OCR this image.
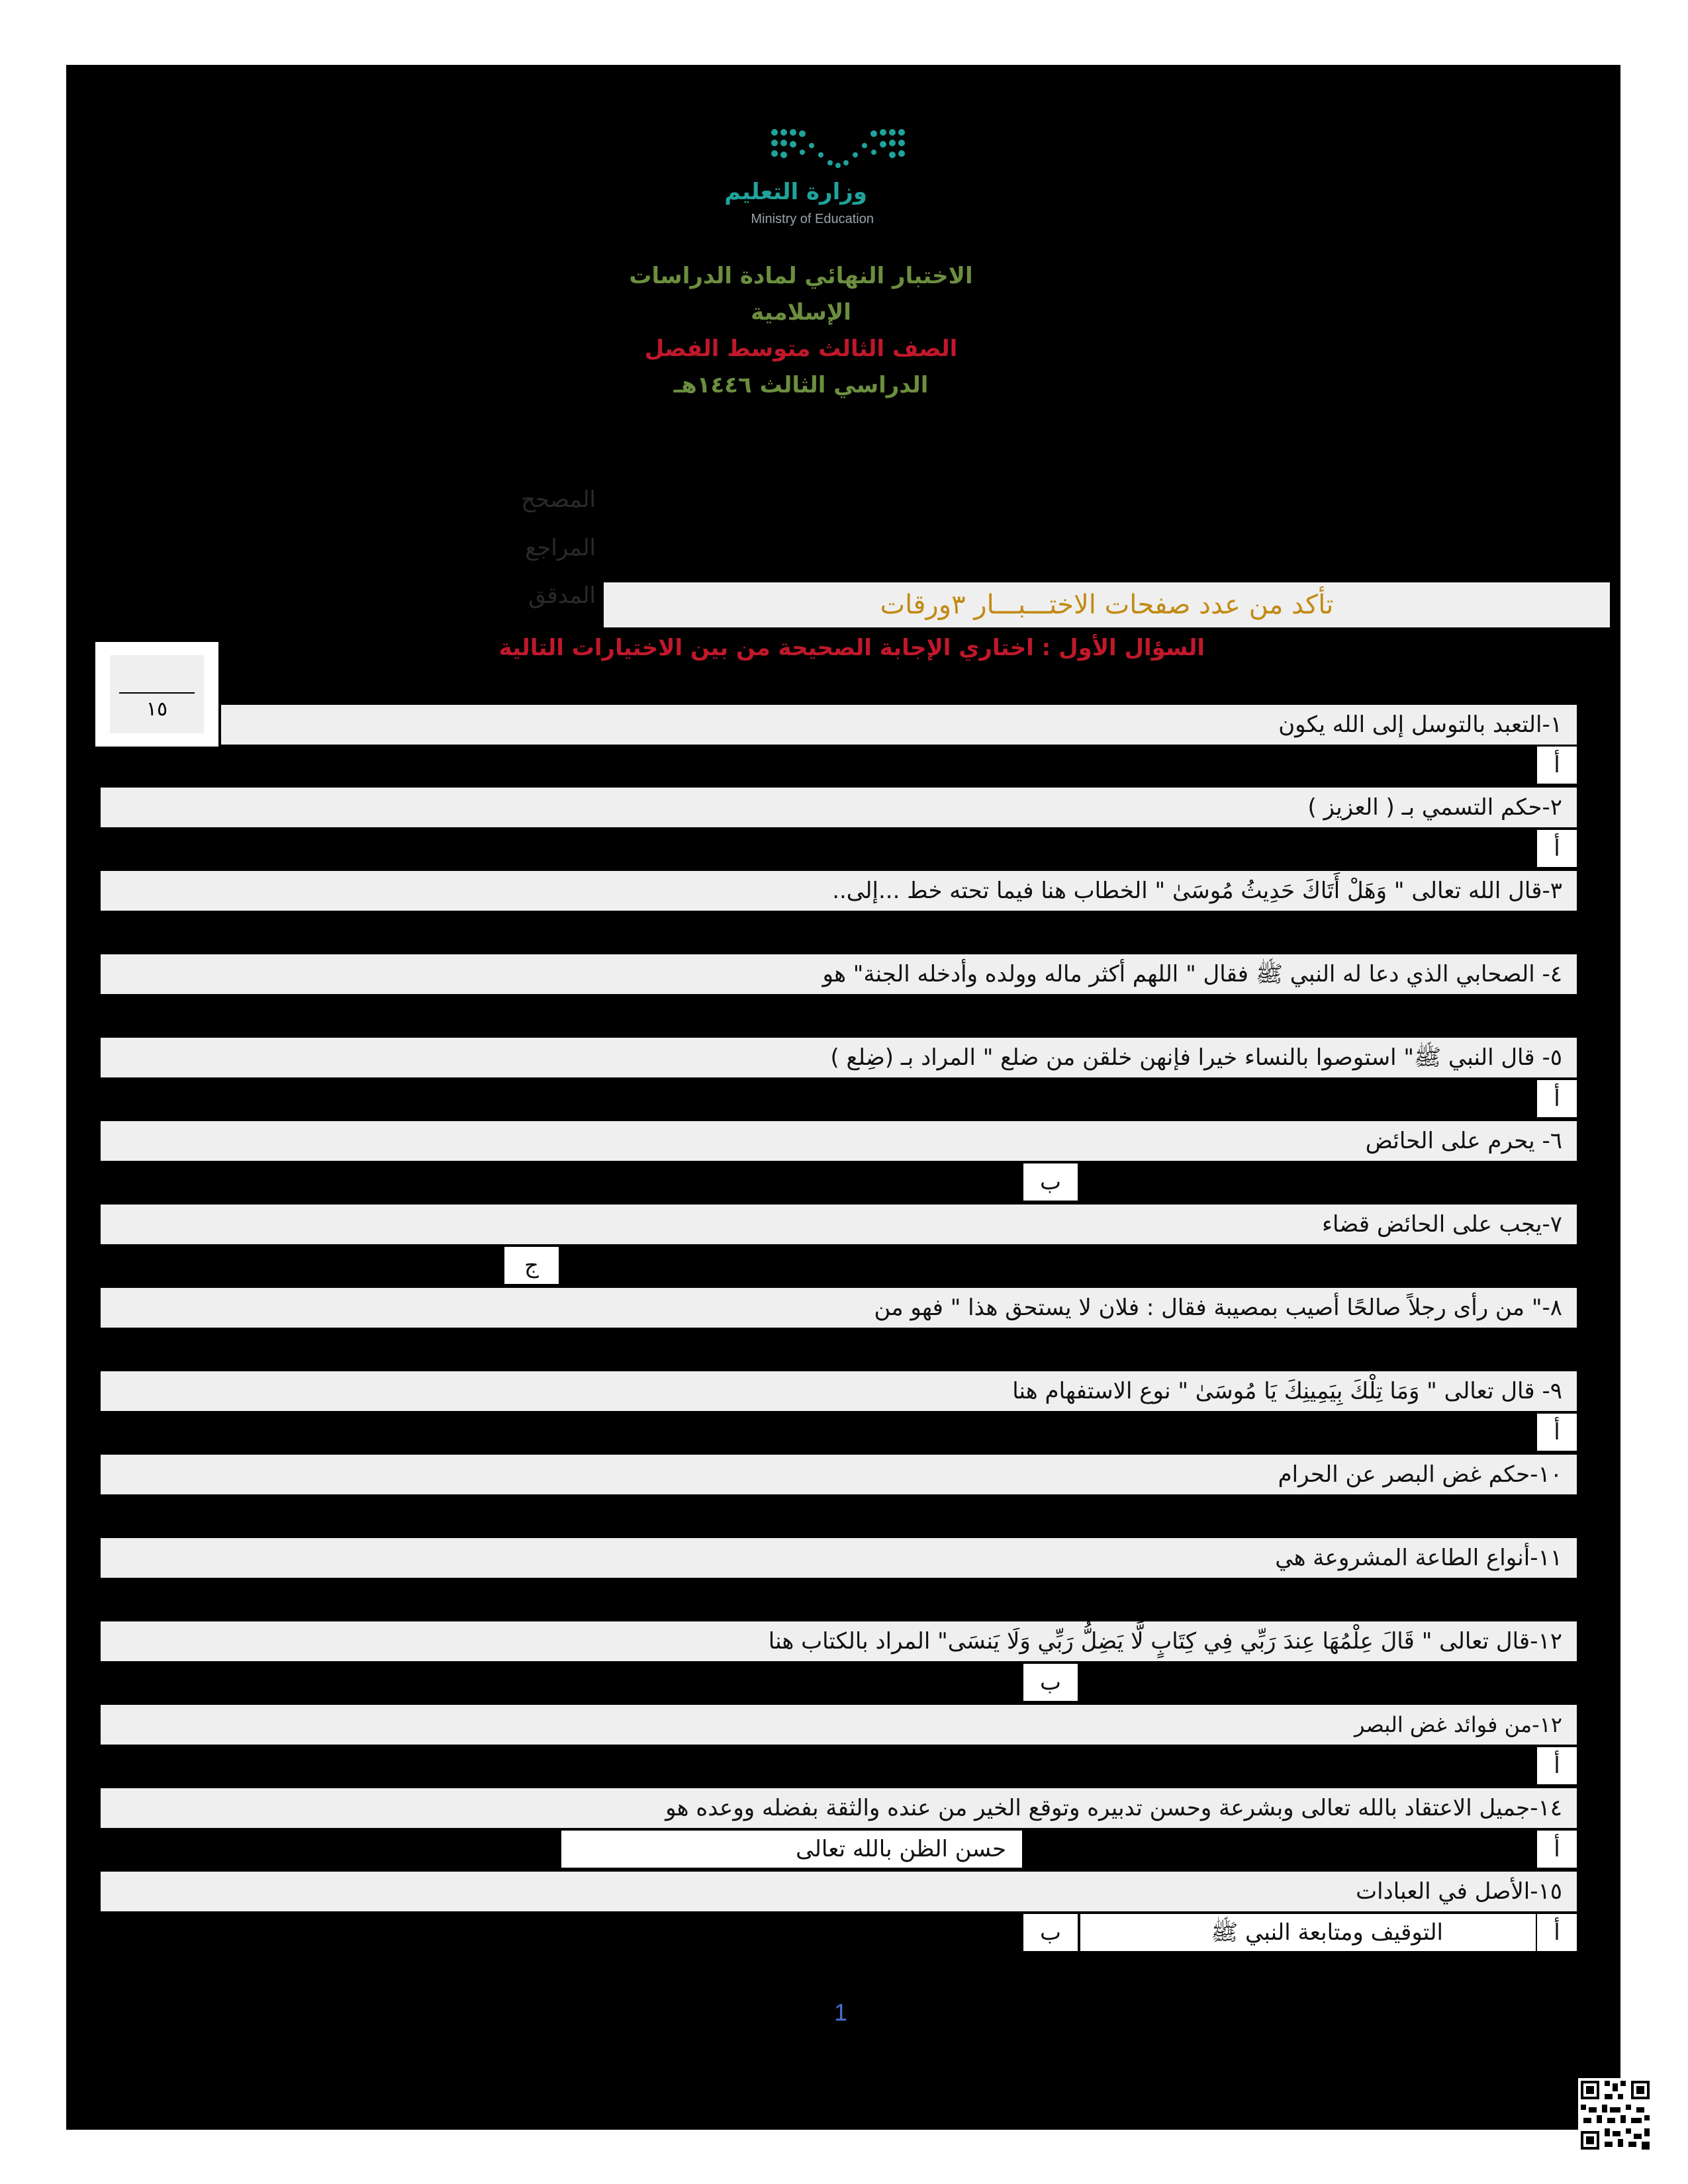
وزارة التعليم
Ministry of Education
الاختبار النهائي لمادة الدراسات
الإسلامية
الصف الثالث متوسط الفصل
الدراسي الثالث ١٤٤٦هـ
المصحح
المراجع
المدقق	تأكد من عدد صفحات الاختـــبـــار ٣ورقات
السؤال الأول : اختاري الإجابة الصحيحة من بين الاختيارات التالية
١٥
١-التعبد بالتوسل إلى الله يكون
٢-حكم التسمي بـ ( العزيز )
٣-قال الله تعالى " وَهَلْ أَتَاكَ حَدِيثُ مُوسَىٰ " الخطاب هنا فيما تحته خط ...إلى..
٤- الصحابي الذي دعا له النبي ﷺ فقال " اللهم أكثر ماله وولده وأدخله الجنة" هو
٥- قال النبي ﷺ" استوصوا بالنساء خيرا فإنهن خلقن من ضلع " المراد بـ (ضِلع )
٦- يحرم على الحائض
٧-يجب على الحائض قضاء
٨-" من رأى رجلاً صالحًا أصيب بمصيبة فقال : فلان لا يستحق هذا " فهو من
٩- قال تعالى " وَمَا تِلْكَ بِيَمِينِكَ يَا مُوسَىٰ " نوع الاستفهام هنا
١٠-حكم غض البصر عن الحرام
١١-أنواع الطاعة المشروعة هي
١٢-قال تعالى " قَالَ عِلْمُهَا عِندَ رَبِّي فِي كِتَابٍ لَّا يَضِلُّ رَبِّي وَلَا يَنسَى" المراد بالكتاب هنا
١٢-من فوائد غض البصر
١٤-جميل الاعتقاد بالله تعالى وبشرعة وحسن تدبيره وتوقع الخير من عنده والثقة بفضله ووعده هو
١٥-الأصل في العبادات
أ
أ
أ
ب
ج
أ
ب
أ
أ
حسن الظن بالله تعالى
أ
التوقيف ومتابعة النبي ﷺ
ب
1
